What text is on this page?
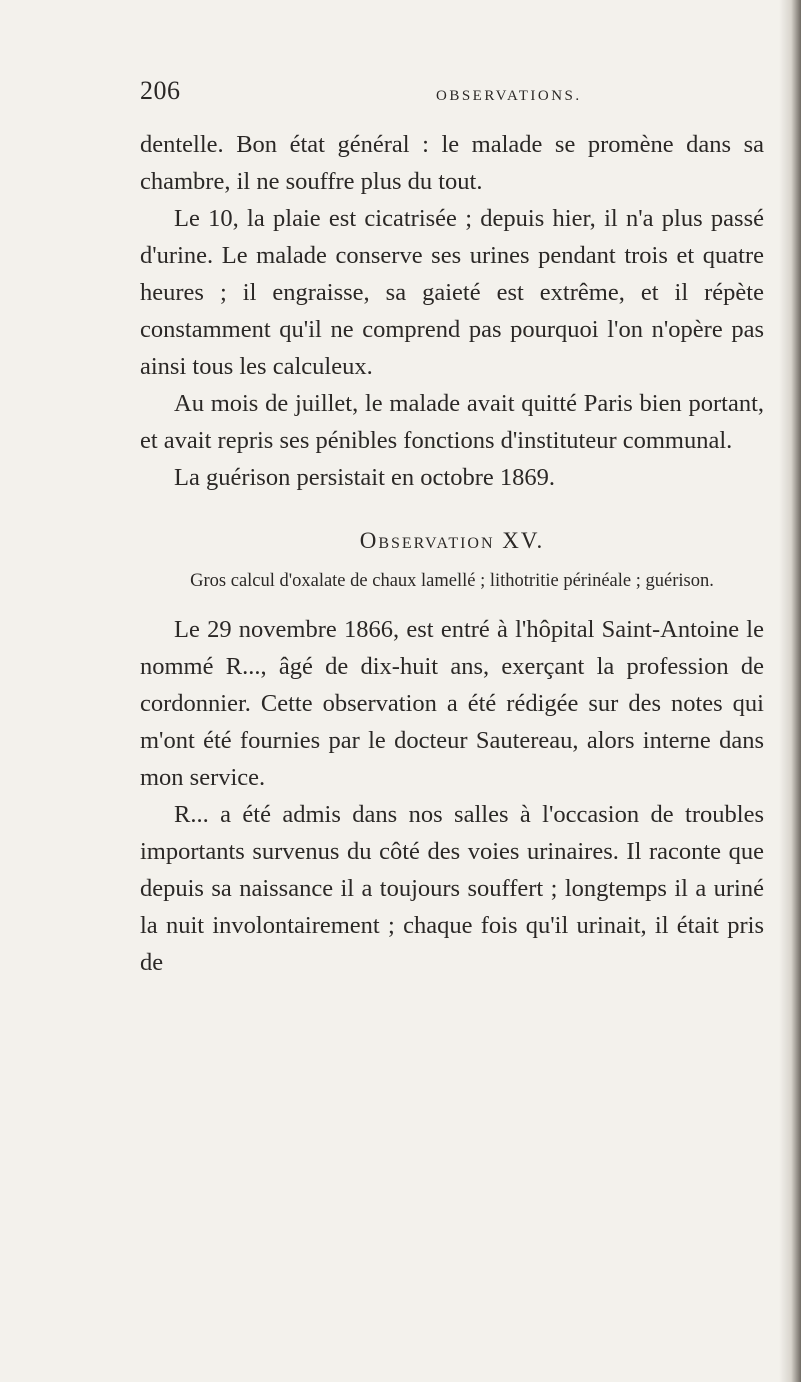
206	OBSERVATIONS.

dentelle. Bon état général : le malade se promène dans sa chambre, il ne souffre plus du tout.

Le 10, la plaie est cicatrisée ; depuis hier, il n'a plus passé d'urine. Le malade conserve ses urines pendant trois et quatre heures ; il engraisse, sa gaieté est extrême, et il répète constamment qu'il ne comprend pas pourquoi l'on n'opère pas ainsi tous les calculeux.

Au mois de juillet, le malade avait quitté Paris bien portant, et avait repris ses pénibles fonctions d'instituteur communal.

La guérison persistait en octobre 1869.

Observation XV.
Gros calcul d'oxalate de chaux lamellé ; lithotritie périnéale ; guérison.

Le 29 novembre 1866, est entré à l'hôpital Saint-Antoine le nommé R..., âgé de dix-huit ans, exerçant la profession de cordonnier. Cette observation a été rédigée sur des notes qui m'ont été fournies par le docteur Sautereau, alors interne dans mon service.

R... a été admis dans nos salles à l'occasion de troubles importants survenus du côté des voies urinaires. Il raconte que depuis sa naissance il a toujours souffert ; longtemps il a uriné la nuit involontairement ; chaque fois qu'il urinait, il était pris de
